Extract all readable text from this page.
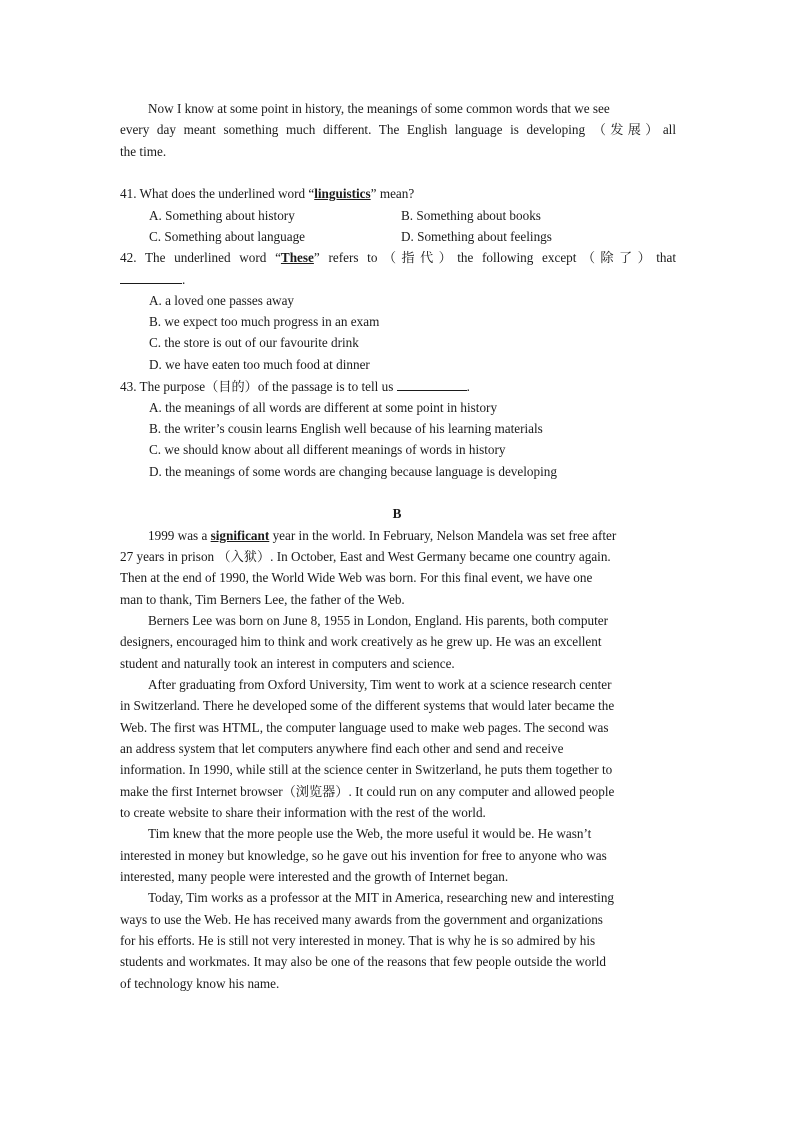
Now I know at some point in history, the meanings of some common words that we see
every day meant something much different. The English language is developing （发展）all
the time.
41. What does the underlined word “linguistics” mean?
A. Something about history	B. Something about books
C. Something about language	D. Something about feelings
42. The underlined word “These” refers to（指代）the following except（除了）that
.
A. a loved one passes away
B. we expect too much progress in an exam
C. the store is out of our favourite drink
D. we have eaten too much food at dinner
43. The purpose（目的）of the passage is to tell us	.
A. the meanings of all words are different at some point in history
B. the writer’s cousin learns English well because of his learning materials
C. we should know about all different meanings of words in history
D. the meanings of some words are changing because language is developing
B
1999 was a significant year in the world. In February, Nelson Mandela was set free after
27 years in prison （入狱）. In October, East and West Germany became one country again.
Then at the end of 1990, the World Wide Web was born. For this final event, we have one
man to thank, Tim Berners Lee, the father of the Web.
Berners Lee was born on June 8, 1955 in London, England. His parents, both computer
designers, encouraged him to think and work creatively as he grew up. He was an excellent
student and naturally took an interest in computers and science.
After graduating from Oxford University, Tim went to work at a science research center
in Switzerland. There he developed some of the different systems that would later became the
Web. The first was HTML, the computer language used to make web pages. The second was
an address system that let computers anywhere find each other and send and receive
information. In 1990, while still at the science center in Switzerland, he puts them together to
make the first Internet browser（浏览器）. It could run on any computer and allowed people
to create website to share their information with the rest of the world.
Tim knew that the more people use the Web, the more useful it would be. He wasn’t
interested in money but knowledge, so he gave out his invention for free to anyone who was
interested, many people were interested and the growth of Internet began.
Today, Tim works as a professor at the MIT in America, researching new and interesting
ways to use the Web. He has received many awards from the government and organizations
for his efforts. He is still not very interested in money. That is why he is so admired by his
students and workmates. It may also be one of the reasons that few people outside the world
of technology know his name.
